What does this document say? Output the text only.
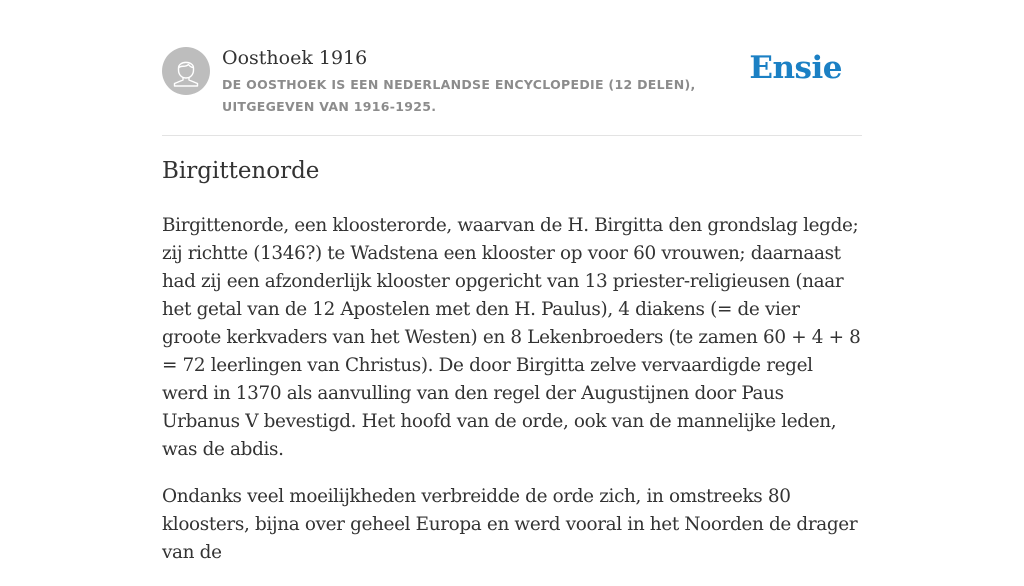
Oosthoek 1916
DE OOSTHOEK IS EEN NEDERLANDSE ENCYCLOPEDIE (12 DELEN), UITGEGEVEN VAN 1916-1925.
Ensie
Birgittenorde

Birgittenorde, een kloosterorde, waarvan de H. Birgitta den grondslag legde; zij richtte (1346?) te Wadstena een klooster op voor 60 vrouwen; daarnaast had zij een afzonderlijk klooster opgericht van 13 priester-religieusen (naar het getal van de 12 Apostelen met den H. Paulus), 4 diakens (= de vier groote kerkvaders van het Westen) en 8 Lekenbroeders (te zamen 60 + 4 + 8 = 72 leerlingen van Christus). De door Birgitta zelve vervaardigde regel werd in 1370 als aanvulling van den regel der Augustijnen door Paus Urbanus V bevestigd. Het hoofd van de orde, ook van de mannelijke leden, was de abdis.

Ondanks veel moeilijkheden verbreidde de orde zich, in omstreeks 80 kloosters, bijna over geheel Europa en werd vooral in het Noorden de drager van de
